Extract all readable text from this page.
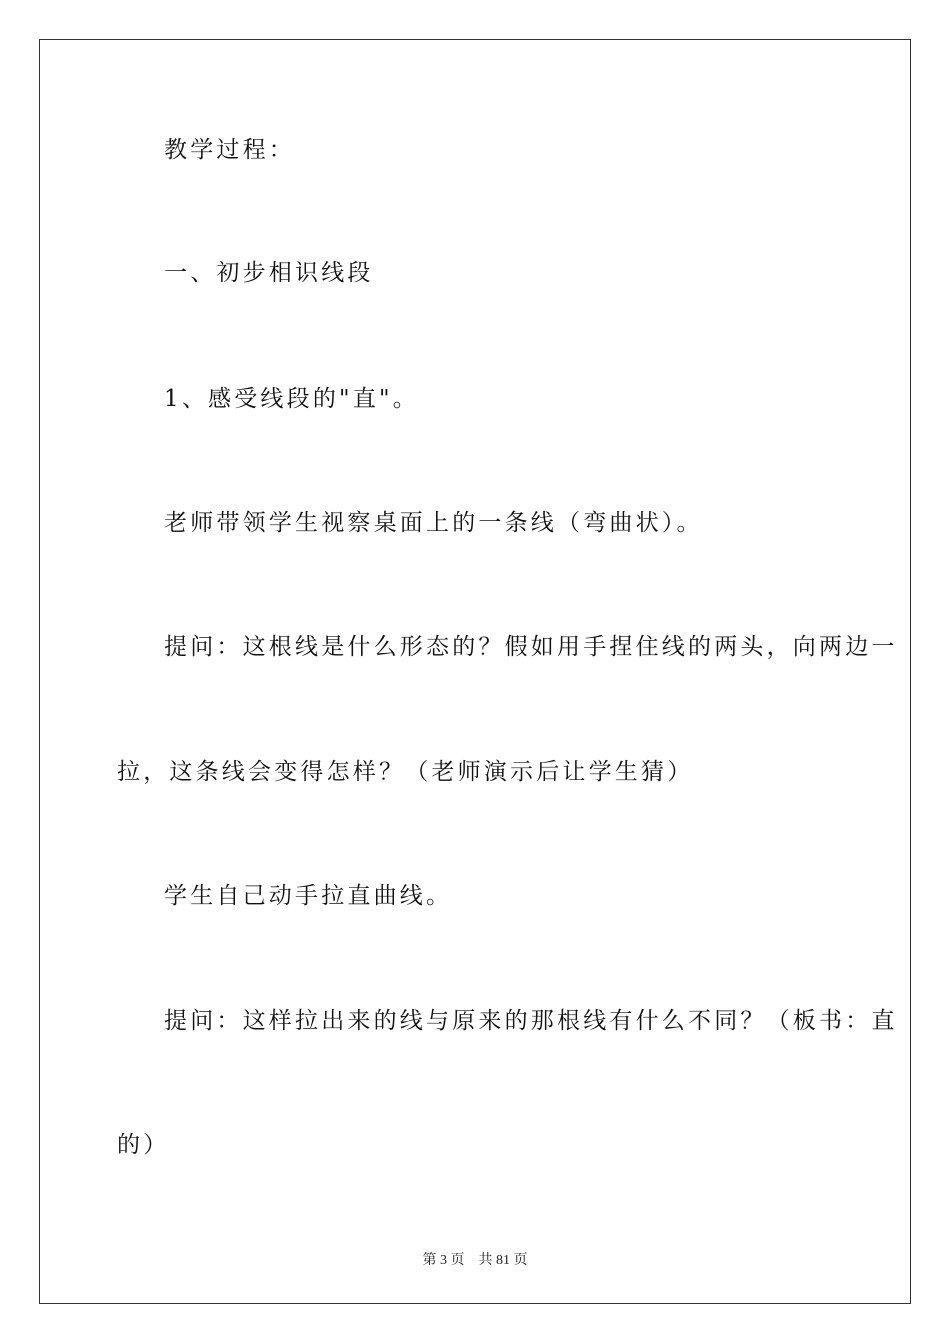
教学过程：
一、初步相识线段
1、感受线段的"直"。
老师带领学生视察桌面上的一条线（弯曲状）。
提问：这根线是什么形态的？假如用手捏住线的两头，向两边一
拉，这条线会变得怎样？（老师演示后让学生猜）
学生自己动手拉直曲线。
提问：这样拉出来的线与原来的那根线有什么不同？（板书：直
的）
第 3 页 共 81 页
